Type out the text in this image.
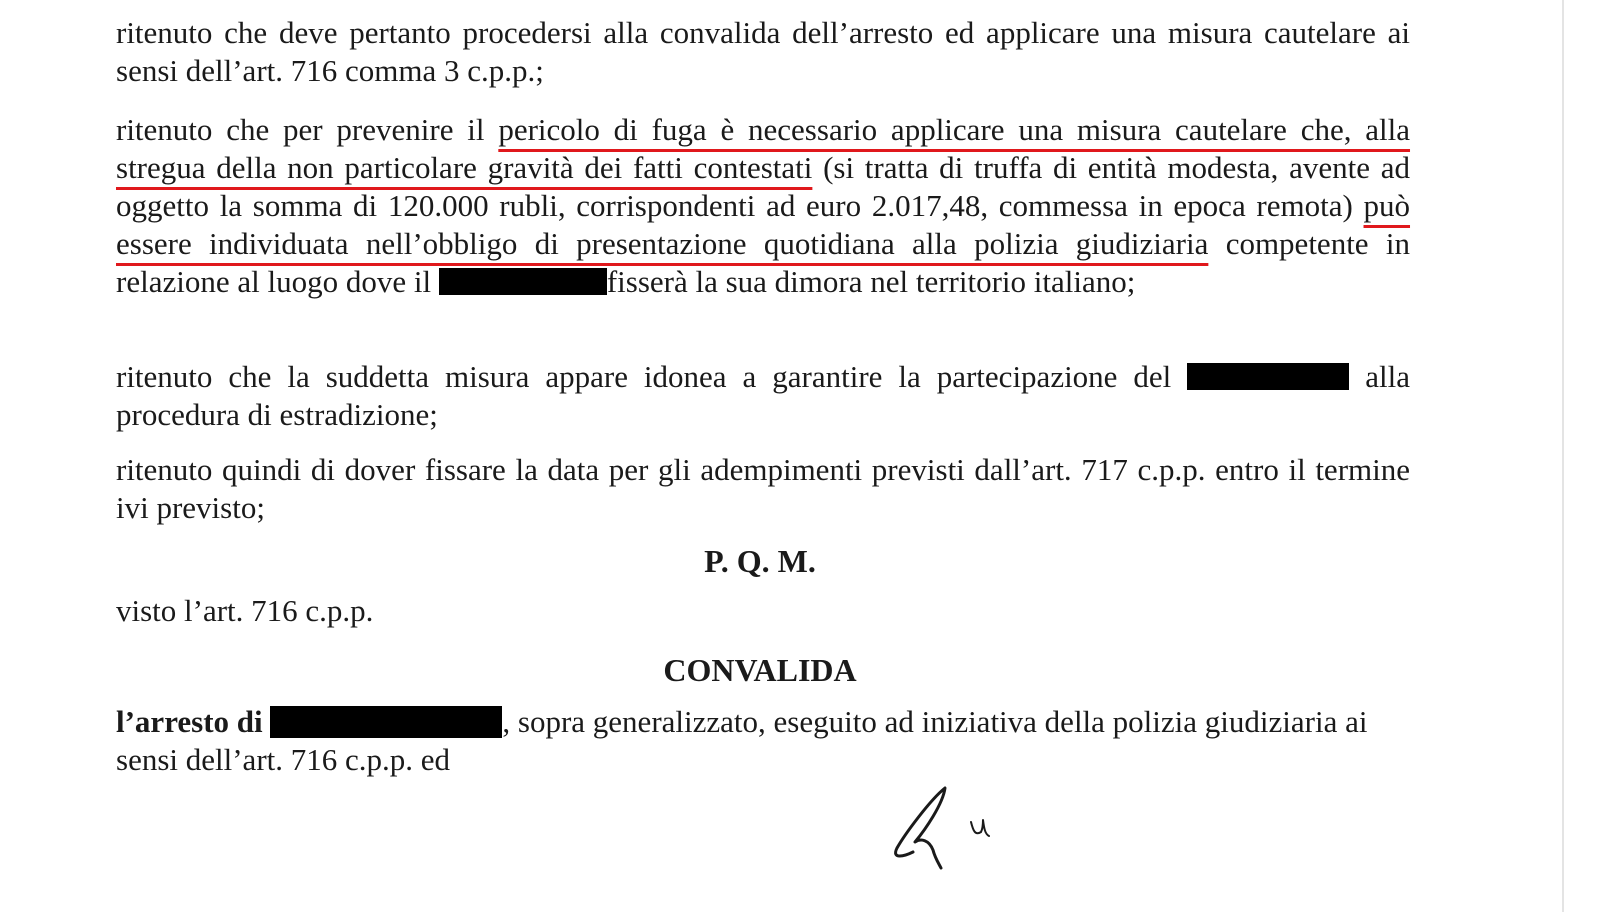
ritenuto che deve pertanto procedersi alla convalida dell’arresto ed applicare una misura cautelare ai sensi dell’art. 716 comma 3 c.p.p.;

ritenuto che per prevenire il pericolo di fuga è necessario applicare una misura cautelare che, alla stregua della non particolare gravità dei fatti contestati (si tratta di truffa di entità modesta, avente ad oggetto la somma di 120.000 rubli, corrispondenti ad euro 2.017,48, commessa in epoca remota) può essere individuata nell’obbligo di presentazione quotidiana alla polizia giudiziaria competente in relazione al luogo dove il	fisserà la sua dimora nel territorio italiano;

ritenuto che la suddetta misura appare idonea a garantire la partecipazione del	alla procedura di estradizione;

ritenuto quindi di dover fissare la data per gli adempimenti previsti dall’art. 717 c.p.p. entro il termine ivi previsto;

P. Q. M.

visto l’art. 716 c.p.p.

CONVALIDA

l’arresto di	, sopra generalizzato, eseguito ad iniziativa della polizia giudiziaria ai sensi dell’art. 716 c.p.p. ed
